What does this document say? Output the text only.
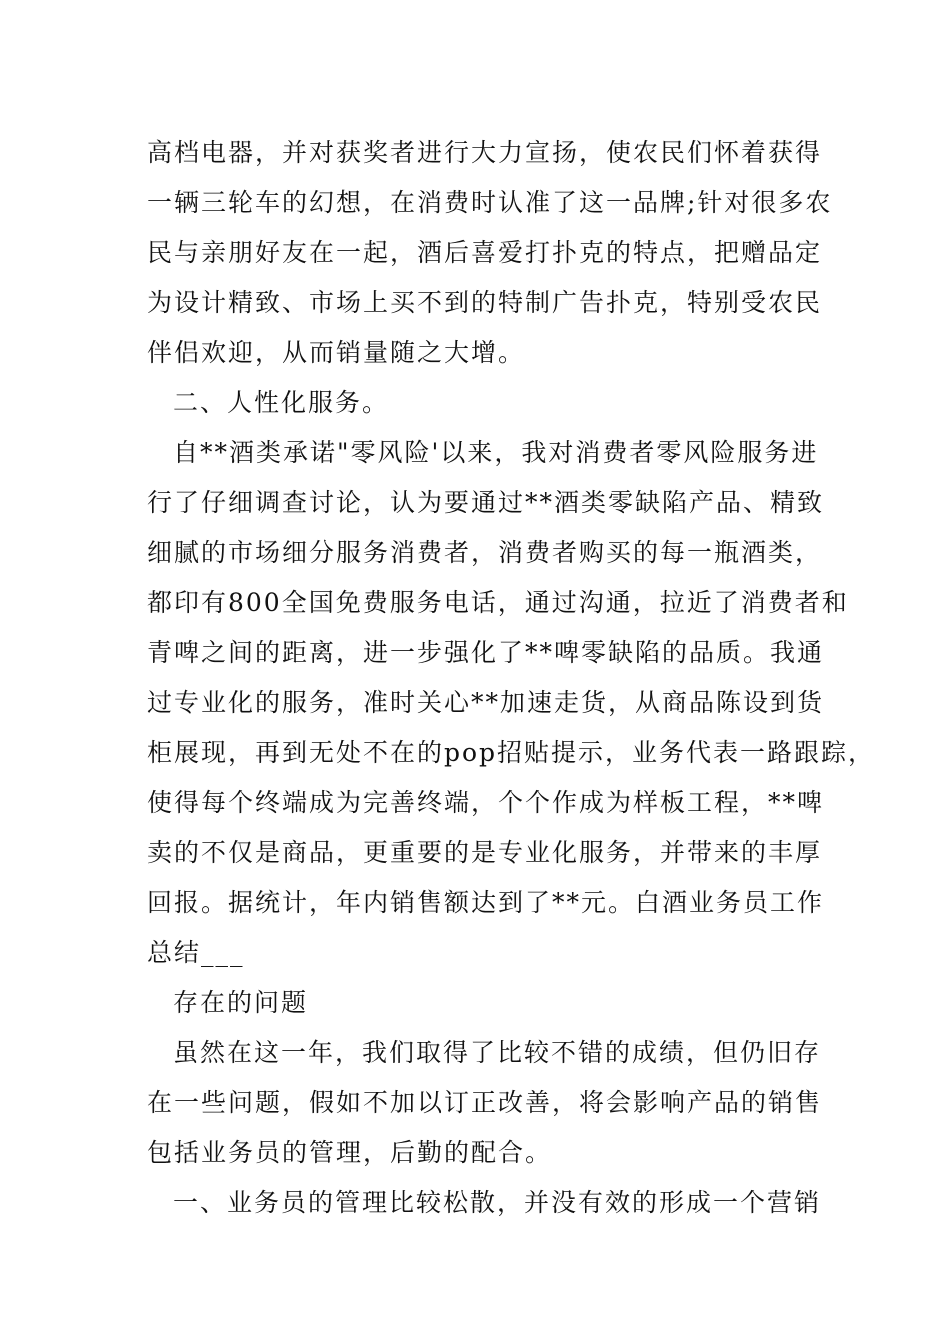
高档电器，并对获奖者进行大力宣扬，使农民们怀着获得
一辆三轮车的幻想，在消费时认准了这一品牌;针对很多农
民与亲朋好友在一起，酒后喜爱打扑克的特点，把赠品定
为设计精致、市场上买不到的特制广告扑克，特别受农民
伴侣欢迎，从而销量随之大增。
二、人性化服务。
自**酒类承诺"零风险'以来，我对消费者零风险服务进
行了仔细调查讨论，认为要通过**酒类零缺陷产品、精致
细腻的市场细分服务消费者，消费者购买的每一瓶酒类，
都印有800全国免费服务电话，通过沟通，拉近了消费者和
青啤之间的距离，进一步强化了**啤零缺陷的品质。我通
过专业化的服务，准时关心**加速走货，从商品陈设到货
柜展现，再到无处不在的pop招贴提示，业务代表一路跟踪，
使得每个终端成为完善终端，个个作成为样板工程，**啤
卖的不仅是商品，更重要的是专业化服务，并带来的丰厚
回报。据统计，年内销售额达到了**元。白酒业务员工作
总结___
存在的问题
虽然在这一年，我们取得了比较不错的成绩，但仍旧存
在一些问题，假如不加以订正改善，将会影响产品的销售
包括业务员的管理，后勤的配合。
一、业务员的管理比较松散，并没有效的形成一个营销
